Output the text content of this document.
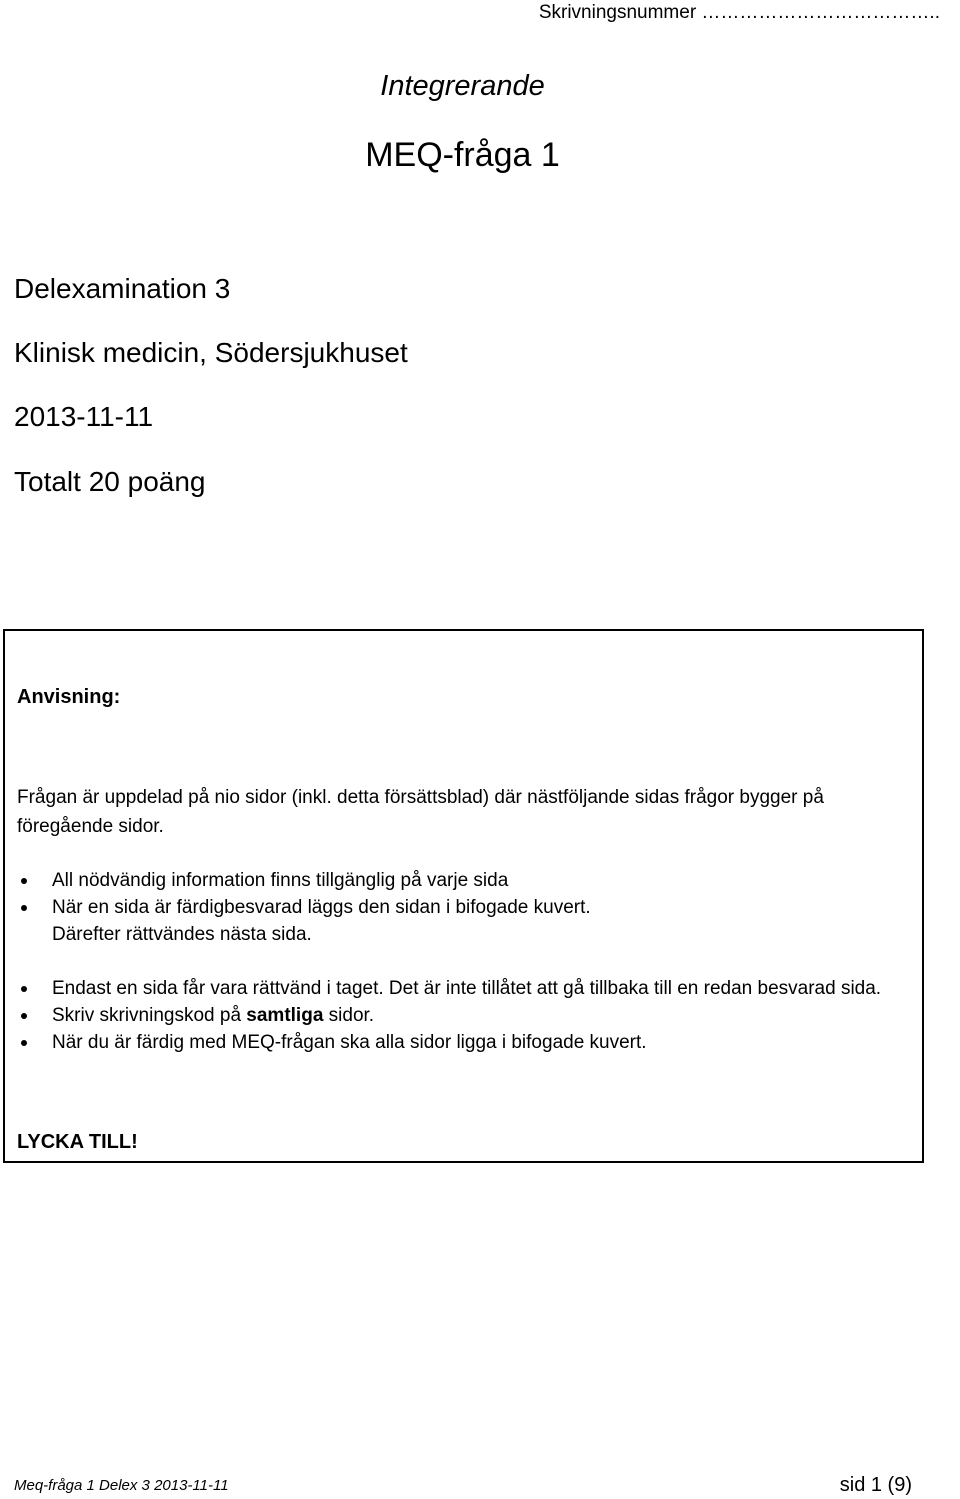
Skrivningsnummer ………………………………..
Integrerande
MEQ-fråga 1
Delexamination 3
Klinisk medicin, Södersjukhuset
2013-11-11
Totalt 20 poäng
Anvisning:
Frågan är uppdelad på nio sidor (inkl. detta försättsblad) där nästföljande sidas frågor bygger på föregående sidor.
All nödvändig information finns tillgänglig på varje sida
När en sida är färdigbesvarad läggs den sidan i bifogade kuvert.
Därefter rättvändes nästa sida.
Endast en sida får vara rättvänd i taget. Det är inte tillåtet att gå tillbaka till en redan besvarad sida.
Skriv skrivningskod på samtliga sidor.
När du är färdig med MEQ-frågan ska alla sidor ligga i bifogade kuvert.
LYCKA TILL!
Meq-fråga 1 Delex 3 2013-11-11	sid 1 (9)
